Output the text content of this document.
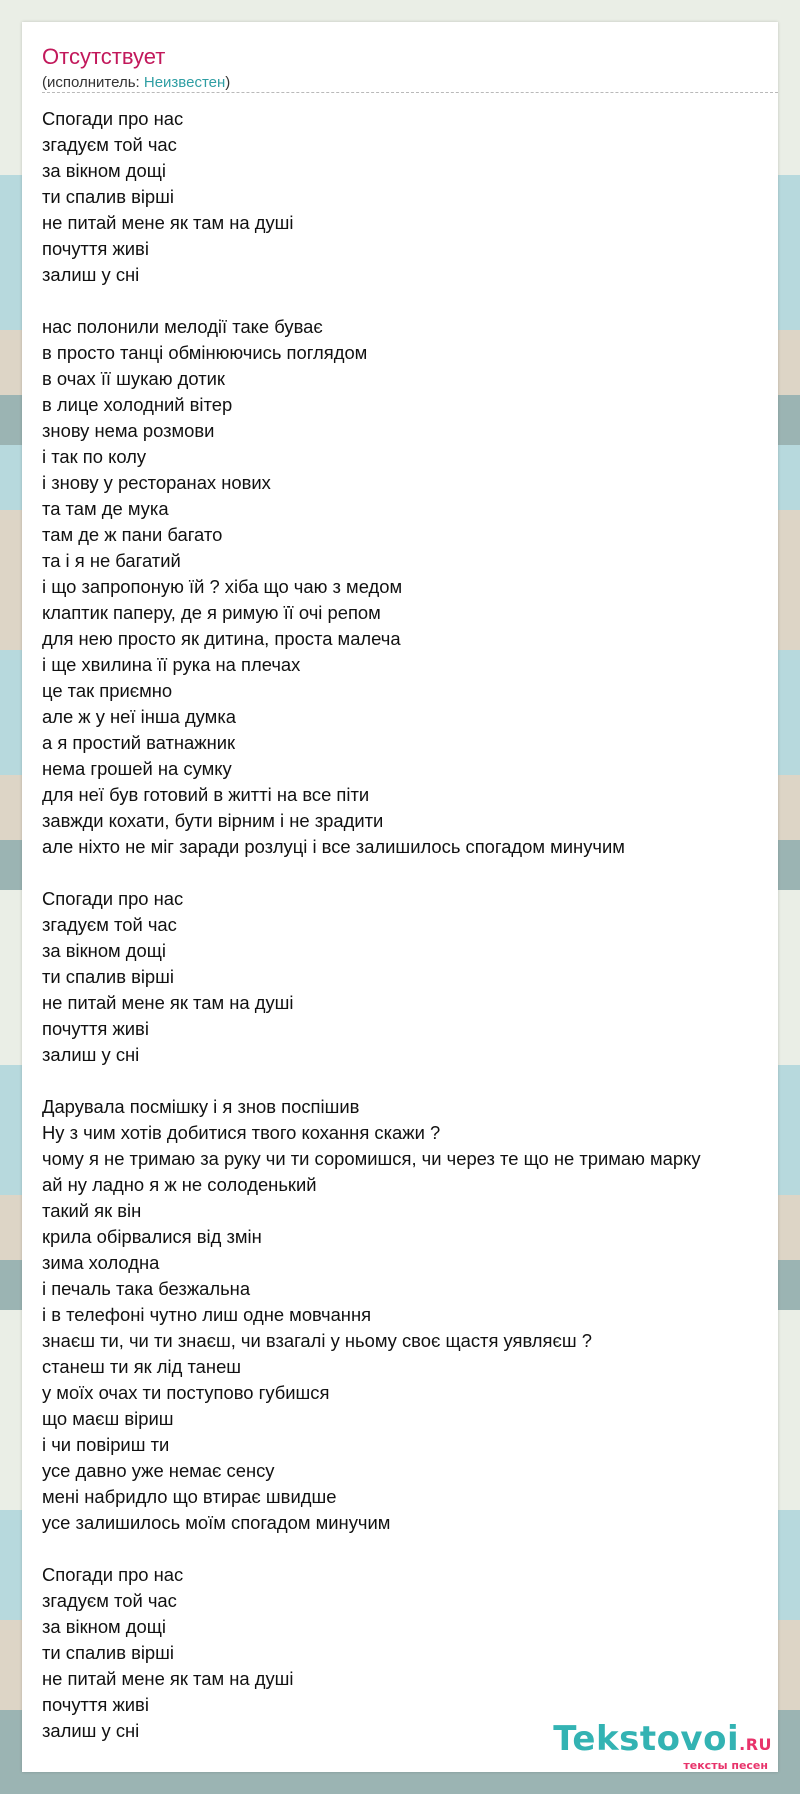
Отсутствует
(исполнитель: Неизвестен)
Спогади про нас
згадуєм той час
за вікном дощі
ти спалив вірші
не питай мене як там на душі
почуття живі
залиш у сні

нас полонили мелодії таке буває
в просто танці обмінюючись поглядом
в очах її шукаю дотик
в лице холодний вітер
знову нема розмови
і так по колу
і знову у ресторанах нових
та там де мука
там де ж пани багато
та і я не багатий
і що запропоную їй ? хіба що чаю з медом
клаптик паперу, де я римую її очі репом
для нею просто як дитина, проста малеча
і ще хвилина її рука на плечах
це так приємно
але ж у неї інша думка
а я простий ватнажник
нема грошей на сумку
для неї був готовий в житті на все піти
завжди кохати, бути вірним і не зрадити
але ніхто не міг заради розлуці і все залишилось спогадом минучим

Спогади про нас
згадуєм той час
за вікном дощі
ти спалив вірші
не питай мене як там на душі
почуття живі
залиш у сні

Дарувала посмішку і я знов поспішив
Ну з чим хотів добитися твого кохання скажи ?
чому я не тримаю за руку чи ти соромишся, чи через те що не тримаю марку
ай ну ладно я ж не солоденький
такий як він
крила обірвалися від змін
зима холодна
і печаль така безжальна
і в телефоні чутно лиш одне мовчання
знаєш ти, чи ти знаєш, чи взагалі у ньому своє щастя уявляєш ?
станеш ти як лід танеш
у моїх очах ти поступово губишся
що маєш віриш
і чи повіриш ти
усе давно уже немає сенсу
мені набридло що втирає швидше
усе залишилось моїм спогадом минучим

Спогади про нас
згадуєм той час
за вікном дощі
ти спалив вірші
не питай мене як там на душі
почуття живі
залиш у сні	Tekstovoi.RU
тексты песен
